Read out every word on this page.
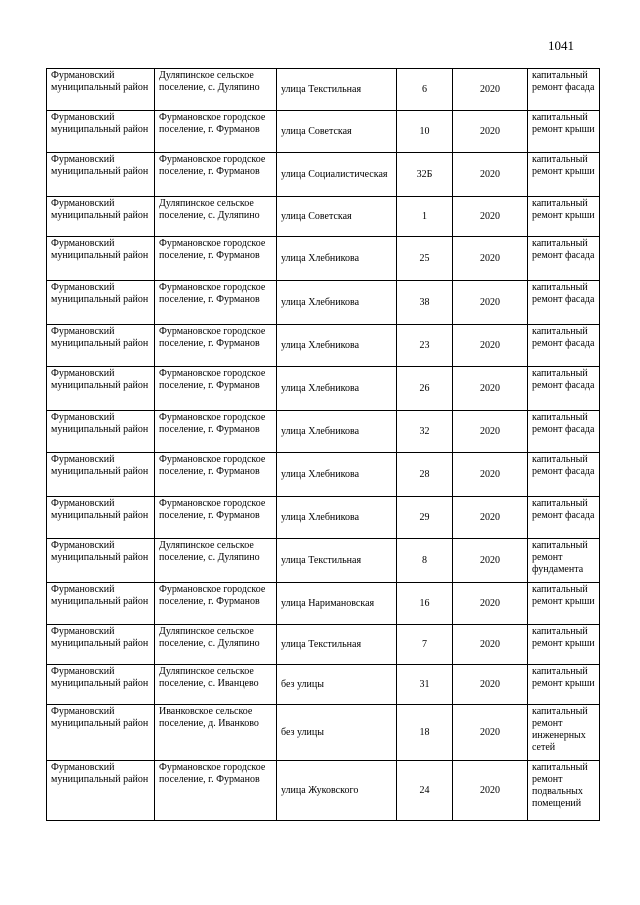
1041
Фурмановский муниципальный район	Дуляпинское сельское поселение, с. Дуляпино	улица Текстильная	6	2020	капитальный ремонт фасада
Фурмановский муниципальный район	Фурмановское городское поселение, г. Фурманов	улица Советская	10	2020	капитальный ремонт крыши
Фурмановский муниципальный район	Фурмановское городское поселение, г. Фурманов	улица Социалистическая	32Б	2020	капитальный ремонт крыши
Фурмановский муниципальный район	Дуляпинское сельское поселение, с. Дуляпино	улица Советская	1	2020	капитальный ремонт крыши
Фурмановский муниципальный район	Фурмановское городское поселение, г. Фурманов	улица Хлебникова	25	2020	капитальный ремонт фасада
Фурмановский муниципальный район	Фурмановское городское поселение, г. Фурманов	улица Хлебникова	38	2020	капитальный ремонт фасада
Фурмановский муниципальный район	Фурмановское городское поселение, г. Фурманов	улица Хлебникова	23	2020	капитальный ремонт фасада
Фурмановский муниципальный район	Фурмановское городское поселение, г. Фурманов	улица Хлебникова	26	2020	капитальный ремонт фасада
Фурмановский муниципальный район	Фурмановское городское поселение, г. Фурманов	улица Хлебникова	32	2020	капитальный ремонт фасада
Фурмановский муниципальный район	Фурмановское городское поселение, г. Фурманов	улица Хлебникова	28	2020	капитальный ремонт фасада
Фурмановский муниципальный район	Фурмановское городское поселение, г. Фурманов	улица Хлебникова	29	2020	капитальный ремонт фасада
Фурмановский муниципальный район	Дуляпинское сельское поселение, с. Дуляпино	улица Текстильная	8	2020	капитальный ремонт фундамента
Фурмановский муниципальный район	Фурмановское городское поселение, г. Фурманов	улица Наримановская	16	2020	капитальный ремонт крыши
Фурмановский муниципальный район	Дуляпинское сельское поселение, с. Дуляпино	улица Текстильная	7	2020	капитальный ремонт крыши
Фурмановский муниципальный район	Дуляпинское сельское поселение, с. Иванцево	без улицы	31	2020	капитальный ремонт крыши
Фурмановский муниципальный район	Иванковское сельское поселение, д. Иванково	без улицы	18	2020	капитальный ремонт инженерных сетей
Фурмановский муниципальный район	Фурмановское городское поселение, г. Фурманов	улица Жуковского	24	2020	капитальный ремонт подвальных помещений
